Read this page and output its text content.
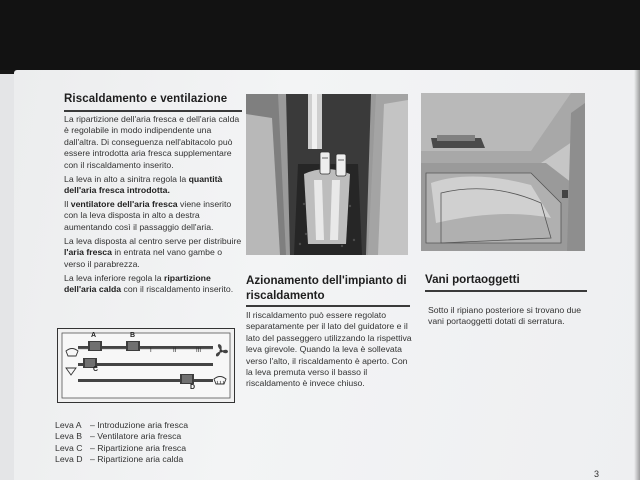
Riscaldamento e ventilazione

La ripartizione dell'aria fresca e dell'aria calda è regolabile in modo indipendente una dall'altra. Di conseguenza nell'abitacolo può essere introdotta aria fresca supplementare con il riscaldamento inserito.

La leva in alto a sinitra regola la quantità dell'aria fresca introdotta.

Il ventilatore dell'aria fresca viene inserito con la leva disposta in alto a destra aumentando così il passaggio dell'aria.

La leva disposta al centro serve per distribuire l'aria fresca in entrata nel vano gambe o verso il parabrezza.

La leva inferiore regola la ripartizione dell'aria calda con il riscaldamento inserito.

A	B
C
D
I	II	III
Leva A – Introduzione aria fresca
Leva B – Ventilatore aria fresca
Leva C – Ripartizione aria fresca
Leva D – Ripartizione aria calda
Azionamento dell'impianto di
riscaldamento
Il riscaldamento può essere regolato separatamente per il lato del guidatore e il lato del passeggero utilizzando la rispettiva leva girevole. Quando la leva è sollevata verso l'alto, il riscaldamento è aperto. Con la leva premuta verso il basso il riscaldamento è invece chiuso.
Vani portaoggetti
Sotto il ripiano posteriore si trovano due vani portaoggetti dotati di serratura.
3
